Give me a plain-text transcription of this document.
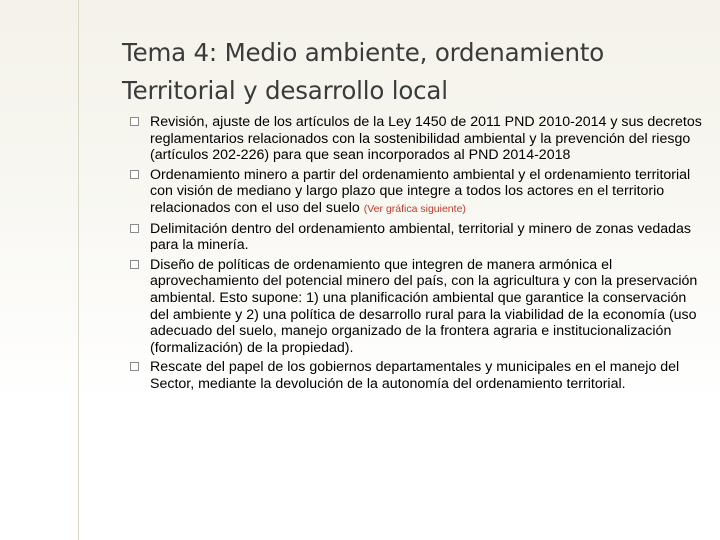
Tema 4: Medio ambiente, ordenamiento
Territorial y desarrollo local
Revisión, ajuste de los artículos de la Ley 1450 de 2011 PND 2010-2014 y sus decretos reglamentarios relacionados con la sostenibilidad ambiental y la prevención del riesgo (artículos 202-226) para que sean incorporados al PND 2014-2018
Ordenamiento minero a partir del ordenamiento ambiental y el ordenamiento territorial con visión de mediano y largo plazo que integre a todos los actores en el territorio relacionados con el uso del suelo (Ver gráfica siguiente)
Delimitación dentro del ordenamiento ambiental, territorial y minero de zonas vedadas para la minería.
Diseño de políticas de ordenamiento que integren de manera armónica el aprovechamiento del potencial minero del país, con la agricultura y con la preservación ambiental. Esto supone: 1) una planificación ambiental que garantice la conservación del ambiente y 2) una política de desarrollo rural para la viabilidad de la economía (uso adecuado del suelo, manejo organizado de la frontera agraria e institucionalización (formalización) de la propiedad).
Rescate del papel de los gobiernos departamentales y municipales en el manejo del Sector, mediante la devolución de la autonomía del ordenamiento territorial.
